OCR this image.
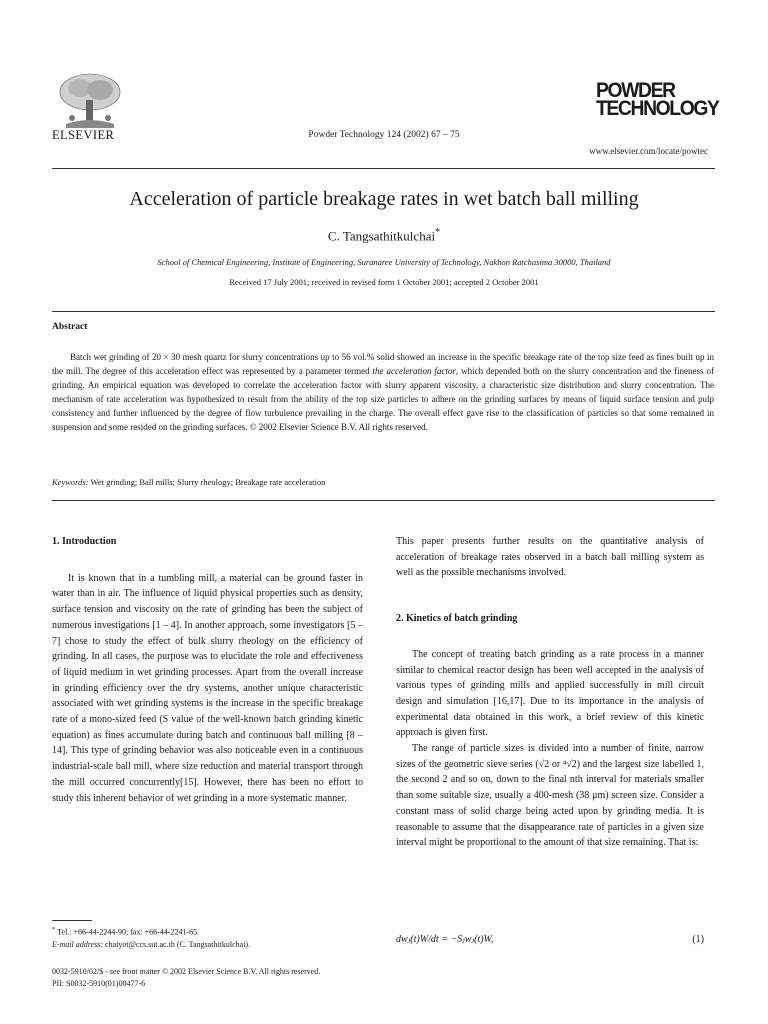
ELSEVIER	Powder Technology 124 (2002) 67 – 75
POWDER
TECHNOLOGY
www.elsevier.com/locate/powtec
Acceleration of particle breakage rates in wet batch ball milling
C. Tangsathitkulchai*
School of Chemical Engineering, Institute of Engineering, Suranaree University of Technology, Nakhon Ratchasima 30000, Thailand
Received 17 July 2001; received in revised form 1 October 2001; accepted 2 October 2001
Abstract
Batch wet grinding of 20 × 30 mesh quartz for slurry concentrations up to 56 vol.% solid showed an increase in the specific breakage rate of the top size feed as fines built up in the mill. The degree of this acceleration effect was represented by a parameter termed the acceleration factor, which depended both on the slurry concentration and the fineness of grinding. An empirical equation was developed to correlate the acceleration factor with slurry apparent viscosity, a characteristic size distribution and slurry concentration. The mechanism of rate acceleration was hypothesized to result from the ability of the top size particles to adhere on the grinding surfaces by means of liquid surface tension and pulp consistency and further influenced by the degree of flow turbulence prevailing in the charge. The overall effect gave rise to the classification of particles so that some remained in suspension and some resided on the grinding surfaces. © 2002 Elsevier Science B.V. All rights reserved.
Keywords: Wet grinding; Ball mills; Slurry rheology; Breakage rate acceleration
1. Introduction

It is known that in a tumbling mill, a material can be ground faster in water than in air. The influence of liquid physical properties such as density, surface tension and viscosity on the rate of grinding has been the subject of numerous investigations [1 – 4]. In another approach, some investigators [5 – 7] chose to study the effect of bulk slurry rheology on the efficiency of grinding. In all cases, the purpose was to elucidate the role and effectiveness of liquid medium in wet grinding processes. Apart from the overall increase in grinding efficiency over the dry systems, another unique characteristic associated with wet grinding systems is the increase in the specific breakage rate of a mono-sized feed (S value of the well-known batch grinding kinetic equation) as fines accumulate during batch and continuous ball milling [8 – 14]. This type of grinding behavior was also noticeable even in a continuous industrial-scale ball mill, where size reduction and material transport through the mill occurred concurrently[15]. However, there has been no effort to study this inherent behavior of wet grinding in a more systematic manner.

This paper presents further results on the quantitative analysis of acceleration of breakage rates observed in a batch ball milling system as well as the possible mechanisms involved.

2. Kinetics of batch grinding

The concept of treating batch grinding as a rate process in a manner similar to chemical reactor design has been well accepted in the analysis of various types of grinding mills and applied successfully in mill circuit design and simulation [16,17]. Due to its importance in the analysis of experimental data obtained in this work, a brief review of this kinetic approach is given first.

The range of particle sizes is divided into a number of finite, narrow sizes of the geometric sieve series (√2 or ⁴√2) and the largest size labelled 1, the second 2 and so on, down to the final nth interval for materials smaller than some suitable size, usually a 400-mesh (38 μm) screen size. Consider a constant mass of solid charge being acted upon by grinding media. It is reasonable to assume that the disappearance rate of particles in a given size interval might be proportional to the amount of that size remaining. That is:

dwⱼ(t)W/dt = −Sⱼwⱼ(t)W,	(1)
* Tel.: +66-44-2244-90; fax: +66-44-2241-65.
E-mail address: chaiyot@ccs.sut.ac.th (C. Tangsathitkulchai).
0032-5910/02/$ - see front matter © 2002 Elsevier Science B.V. All rights reserved.
PII: S0032-5910(01)00477-6
